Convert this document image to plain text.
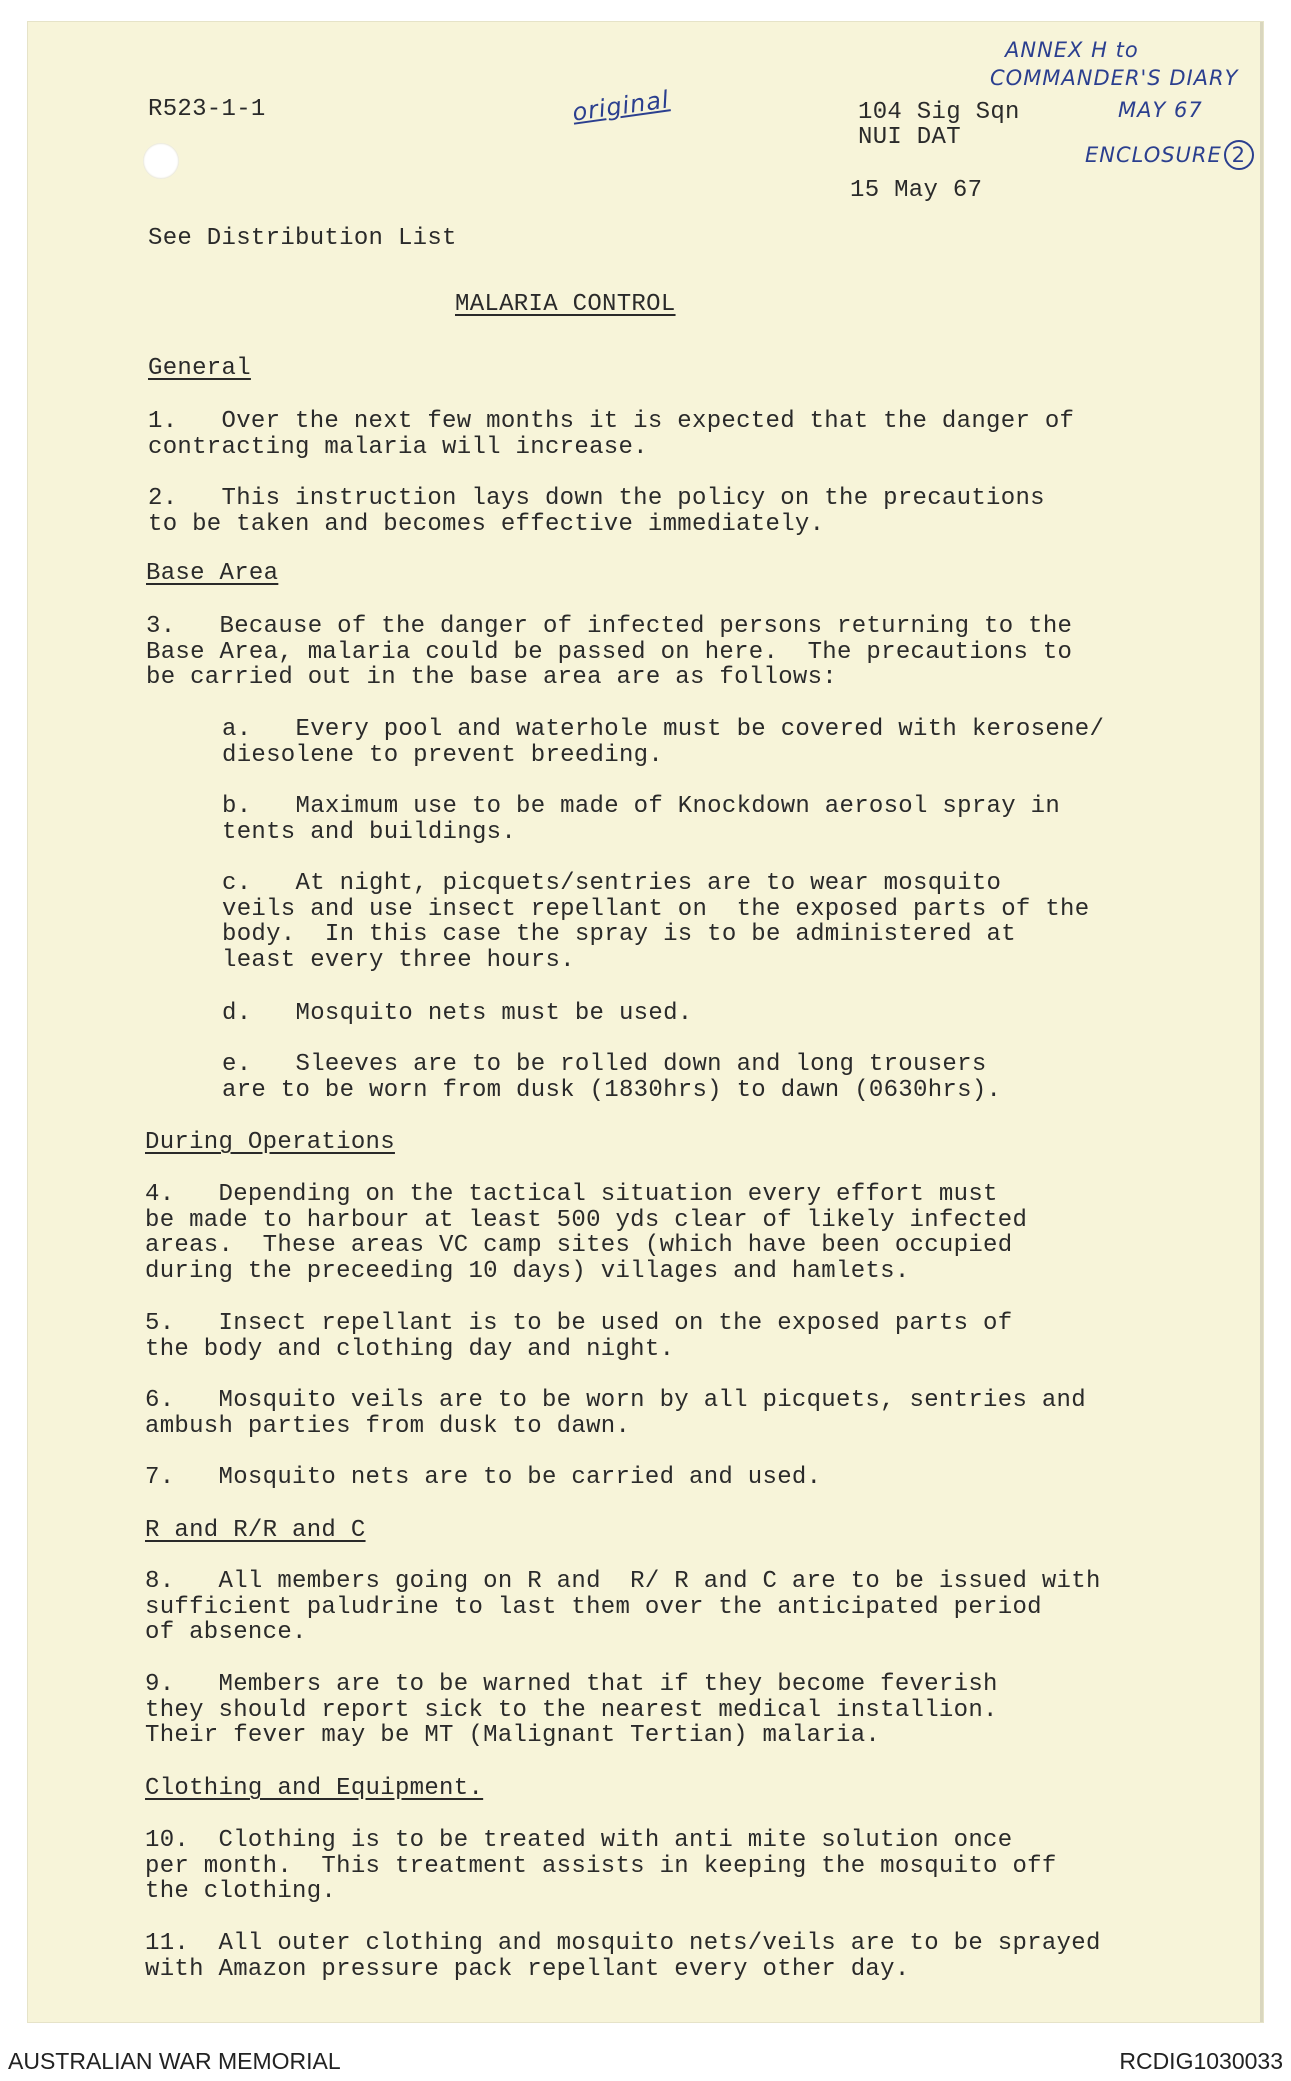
ANNEX H to
COMMANDER'S DIARY
MAY 67
ENCLOSURE 2
original
R523-1-1	104 Sig Sqn
NUI DAT
15 May 67
See Distribution List
MALARIA CONTROL
General
1.   Over the next few months it is expected that the danger of
contracting malaria will increase.
2.   This instruction lays down the policy on the precautions
to be taken and becomes effective immediately.
Base Area
3.   Because of the danger of infected persons returning to the
Base Area, malaria could be passed on here.  The precautions to
be carried out in the base area are as follows:
a.   Every pool and waterhole must be covered with kerosene/
diesolene to prevent breeding.
b.   Maximum use to be made of Knockdown aerosol spray in
tents and buildings.
c.   At night, picquets/sentries are to wear mosquito
veils and use insect repellant on  the exposed parts of the
body.  In this case the spray is to be administered at
least every three hours.
d.   Mosquito nets must be used.
e.   Sleeves are to be rolled down and long trousers
are to be worn from dusk (1830hrs) to dawn (0630hrs).
During Operations
4.   Depending on the tactical situation every effort must
be made to harbour at least 500 yds clear of likely infected
areas.  These areas VC camp sites (which have been occupied
during the preceeding 10 days) villages and hamlets.
5.   Insect repellant is to be used on the exposed parts of
the body and clothing day and night.
6.   Mosquito veils are to be worn by all picquets, sentries and
ambush parties from dusk to dawn.
7.   Mosquito nets are to be carried and used.
R and R/R and C
8.   All members going on R and  R/ R and C are to be issued with
sufficient paludrine to last them over the anticipated period
of absence.
9.   Members are to be warned that if they become feverish
they should report sick to the nearest medical installion.
Their fever may be MT (Malignant Tertian) malaria.
Clothing and Equipment.
10.  Clothing is to be treated with anti mite solution once
per month.  This treatment assists in keeping the mosquito off
the clothing.
11.  All outer clothing and mosquito nets/veils are to be sprayed
with Amazon pressure pack repellant every other day.
AUSTRALIAN WAR MEMORIAL	RCDIG1030033
